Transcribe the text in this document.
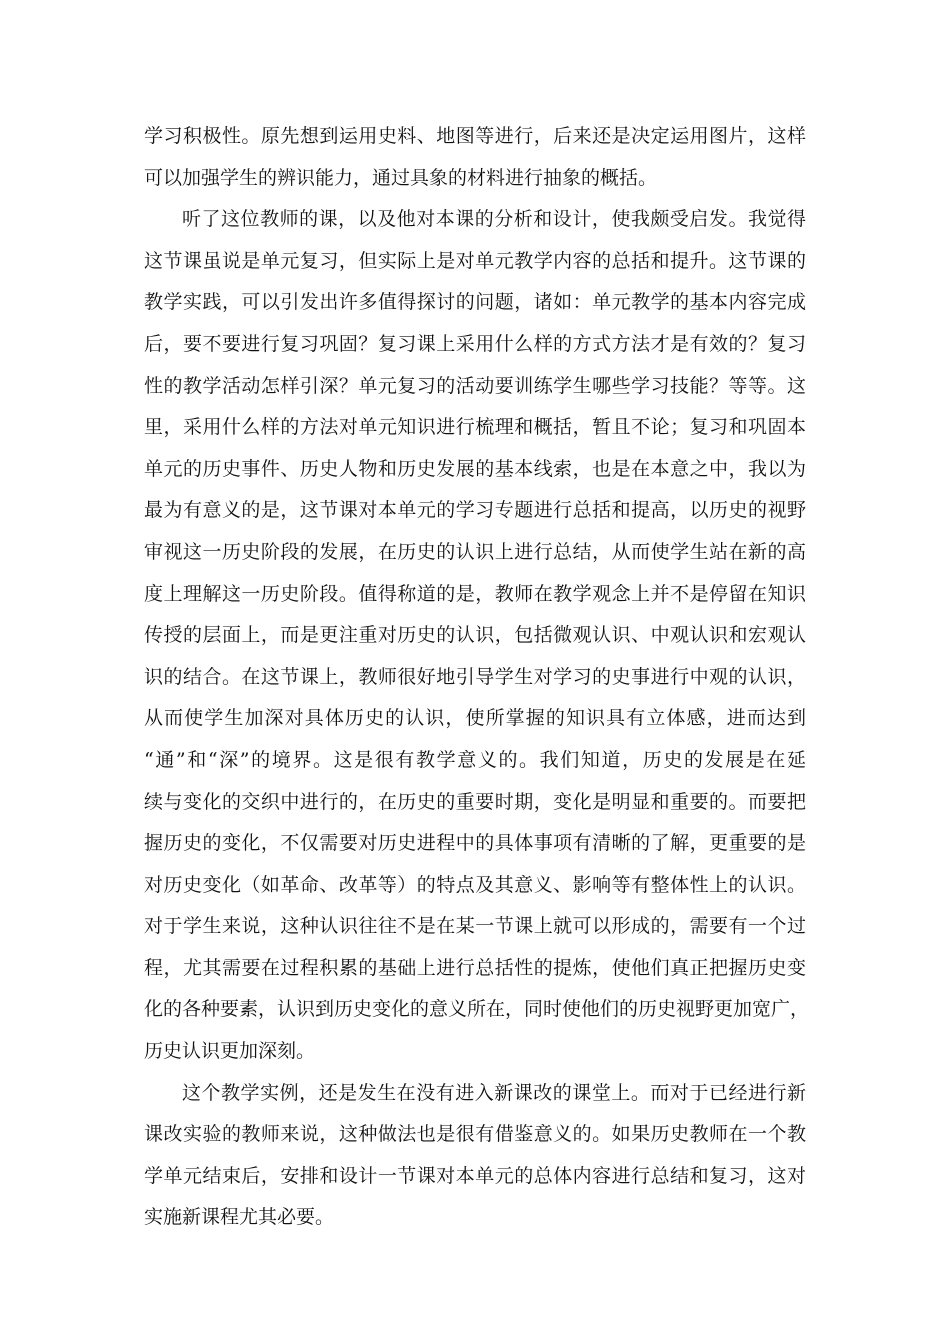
学习积极性。原先想到运用史料、地图等进行，后来还是决定运用图片，这样
可以加强学生的辨识能力，通过具象的材料进行抽象的概括。
听了这位教师的课，以及他对本课的分析和设计，使我颇受启发。我觉得
这节课虽说是单元复习，但实际上是对单元教学内容的总括和提升。这节课的
教学实践，可以引发出许多值得探讨的问题，诸如：单元教学的基本内容完成
后，要不要进行复习巩固？复习课上采用什么样的方式方法才是有效的？复习
性的教学活动怎样引深？单元复习的活动要训练学生哪些学习技能？等等。这
里，采用什么样的方法对单元知识进行梳理和概括，暂且不论；复习和巩固本
单元的历史事件、历史人物和历史发展的基本线索，也是在本意之中，我以为
最为有意义的是，这节课对本单元的学习专题进行总括和提高，以历史的视野
审视这一历史阶段的发展，在历史的认识上进行总结，从而使学生站在新的高
度上理解这一历史阶段。值得称道的是，教师在教学观念上并不是停留在知识
传授的层面上，而是更注重对历史的认识，包括微观认识、中观认识和宏观认
识的结合。在这节课上，教师很好地引导学生对学习的史事进行中观的认识，
从而使学生加深对具体历史的认识，使所掌握的知识具有立体感，进而达到
“通”和“深”的境界。这是很有教学意义的。我们知道，历史的发展是在延
续与变化的交织中进行的，在历史的重要时期，变化是明显和重要的。而要把
握历史的变化，不仅需要对历史进程中的具体事项有清晰的了解，更重要的是
对历史变化（如革命、改革等）的特点及其意义、影响等有整体性上的认识。
对于学生来说，这种认识往往不是在某一节课上就可以形成的，需要有一个过
程，尤其需要在过程积累的基础上进行总括性的提炼，使他们真正把握历史变
化的各种要素，认识到历史变化的意义所在，同时使他们的历史视野更加宽广，
历史认识更加深刻。
这个教学实例，还是发生在没有进入新课改的课堂上。而对于已经进行新
课改实验的教师来说，这种做法也是很有借鉴意义的。如果历史教师在一个教
学单元结束后，安排和设计一节课对本单元的总体内容进行总结和复习，这对
实施新课程尤其必要。
